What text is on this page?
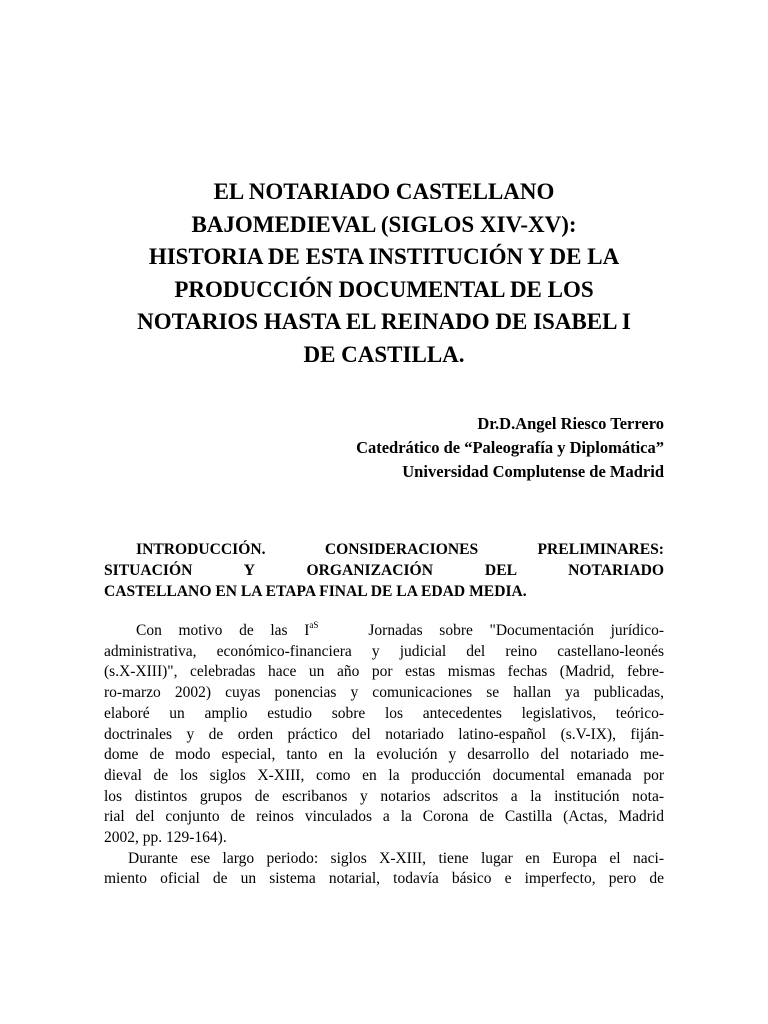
EL NOTARIADO CASTELLANO
BAJOMEDIEVAL (SIGLOS XIV-XV):
HISTORIA DE ESTA INSTITUCIÓN Y DE LA
PRODUCCIÓN DOCUMENTAL DE LOS
NOTARIOS HASTA EL REINADO DE ISABEL I
DE CASTILLA.
Dr.D.Angel Riesco Terrero
Catedrático de “Paleografía y Diplomática”
Universidad Complutense de Madrid
INTRODUCCIÓN. CONSIDERACIONES PRELIMINARES:
SITUACIÓN Y ORGANIZACIÓN DEL NOTARIADO
CASTELLANO EN LA ETAPA FINAL DE LA EDAD MEDIA.
Con motivo de las $I^{aS}$	Jornadas sobre "Documentación jurídico-
administrativa, económico-financiera y judicial del reino castellano-leonés
(s.X-XIII)", celebradas hace un año por estas mismas fechas (Madrid, febre-
ro-marzo 2002) cuyas ponencias y comunicaciones se hallan ya publicadas,
elaboré un amplio estudio sobre los antecedentes legislativos, teórico-
doctrinales y de orden práctico del notariado latino-español (s.V-IX), fiján-
dome de modo especial, tanto en la evolución y desarrollo del notariado me-
dieval de los siglos X-XIII, como en la producción documental emanada por
los distintos grupos de escribanos y notarios adscritos a la institución nota-
rial del conjunto de reinos vinculados a la Corona de Castilla (Actas, Madrid
2002, pp. 129-164).
Durante ese largo periodo: siglos X-XIII, tiene lugar en Europa el naci-
miento oficial de un sistema notarial, todavía básico e imperfecto, pero de
